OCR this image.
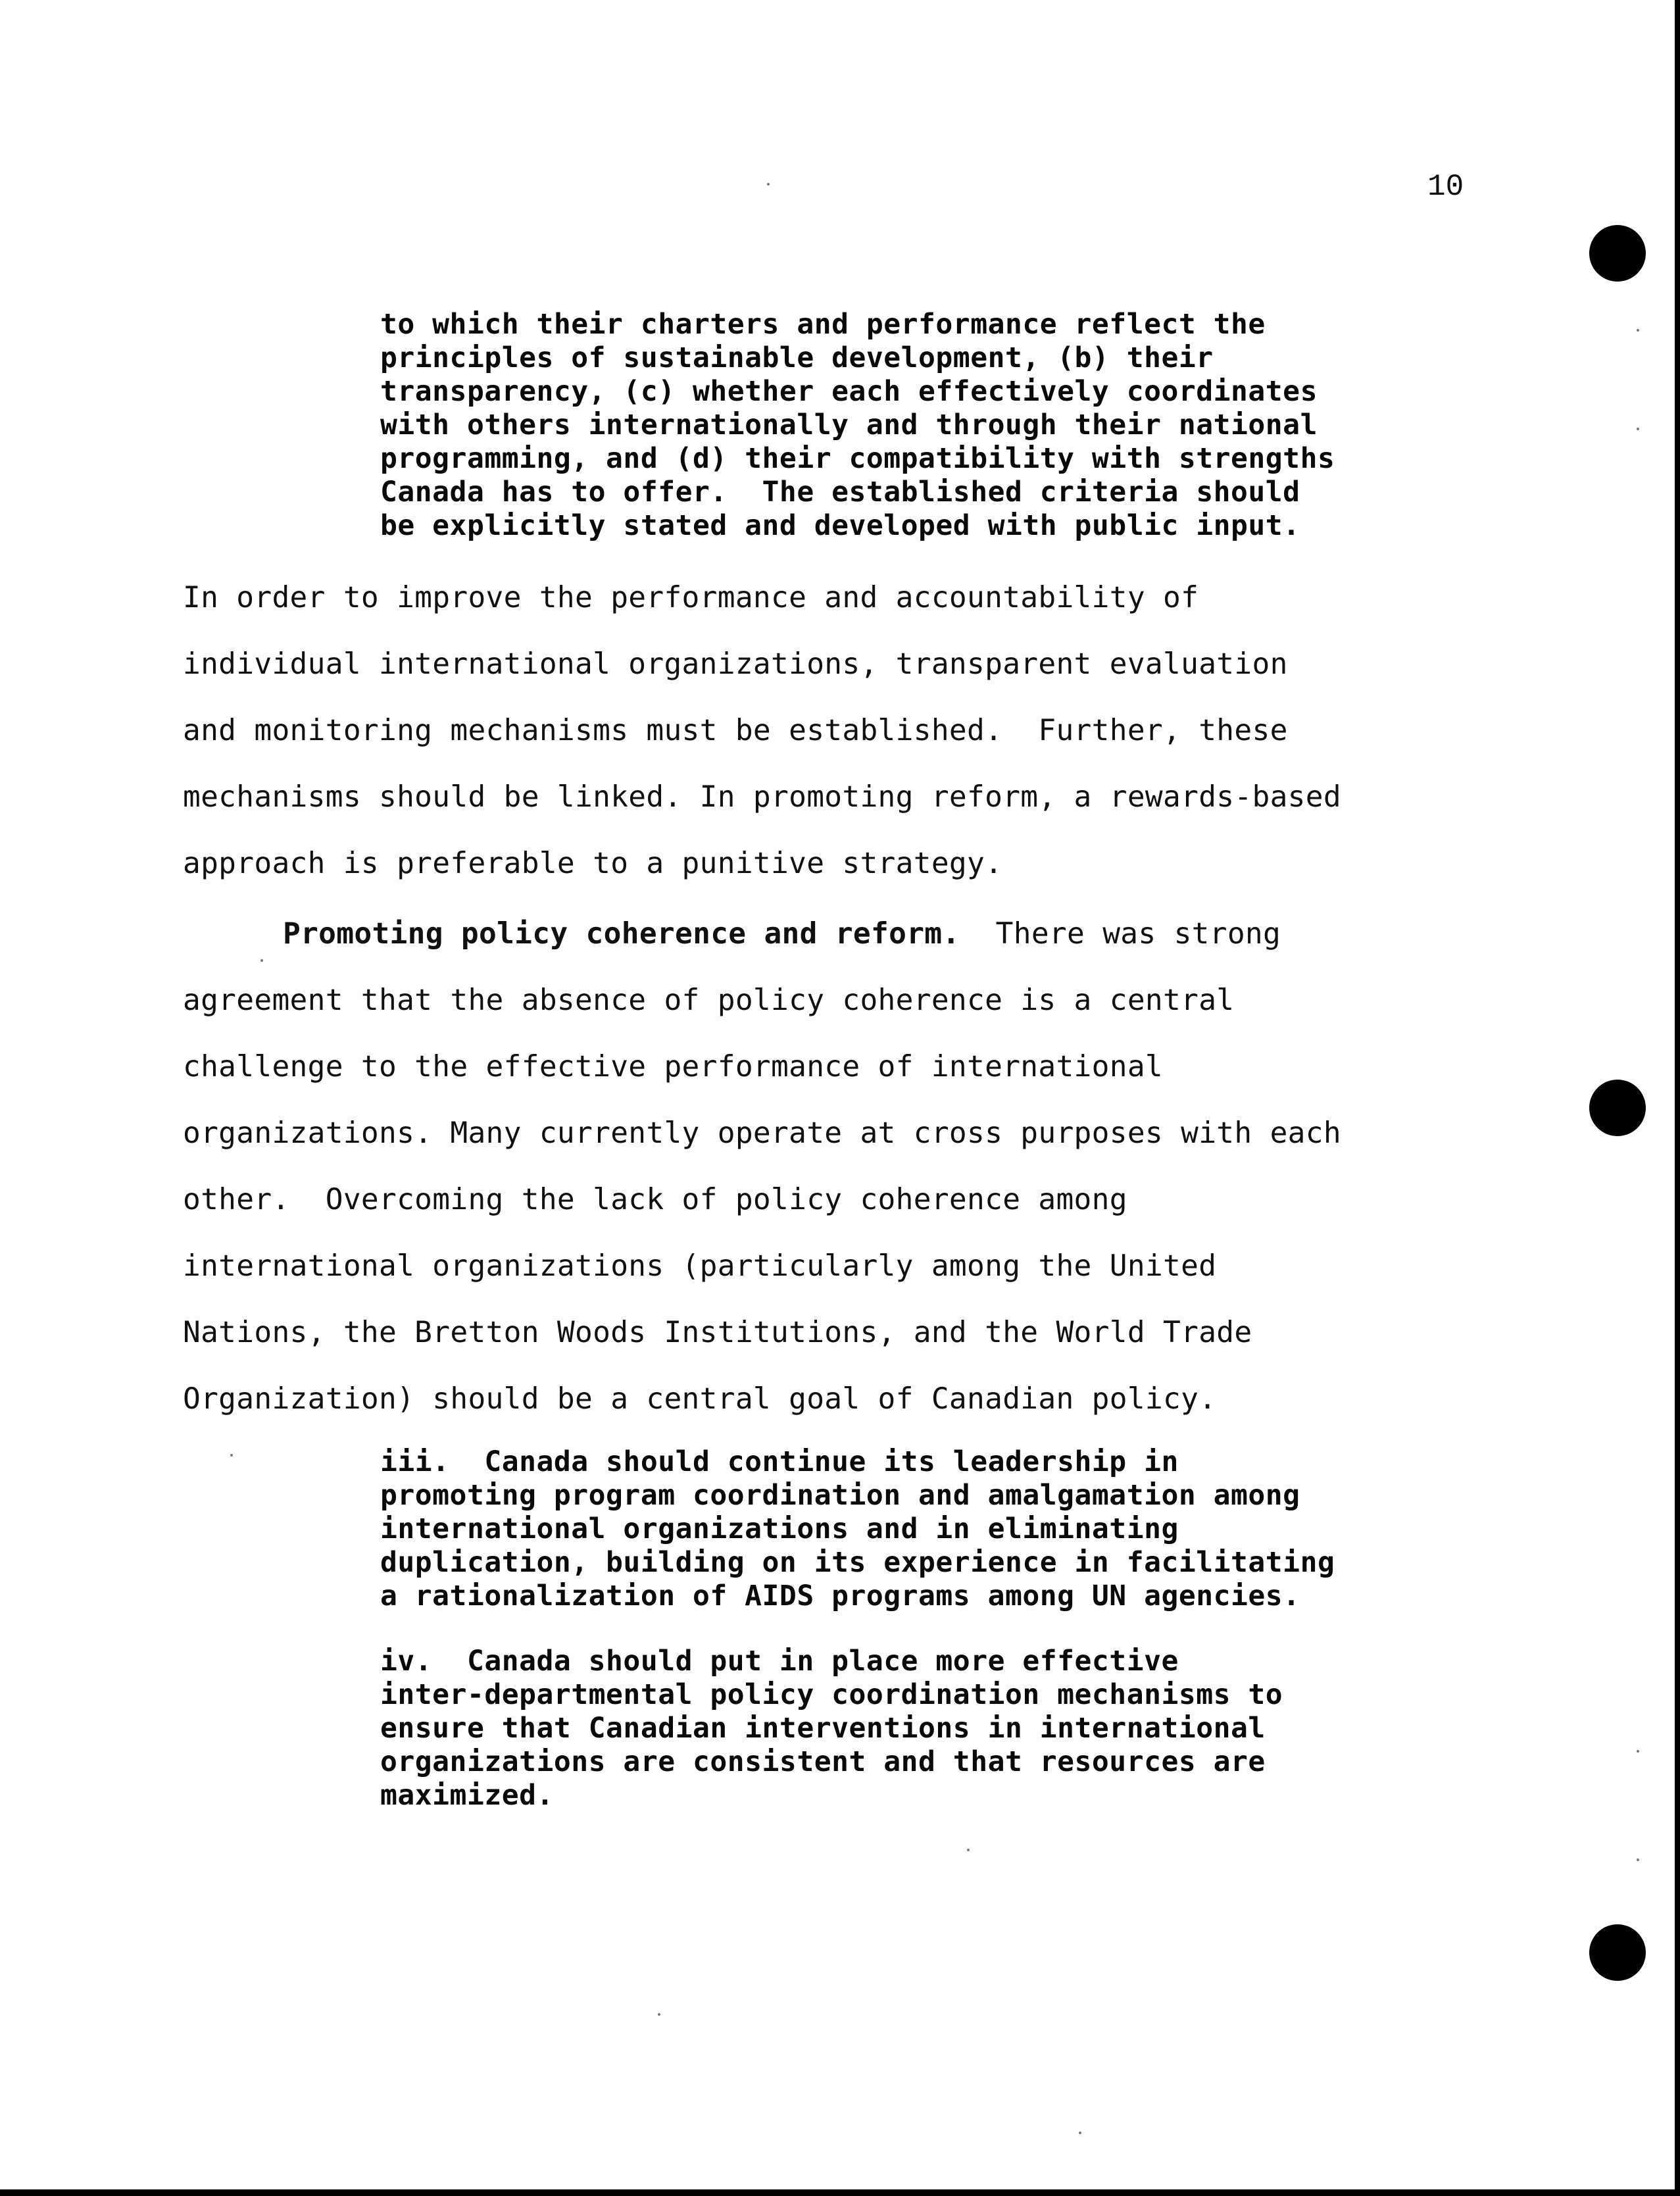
10
to which their charters and performance reflect the
principles of sustainable development, (b) their
transparency, (c) whether each effectively coordinates
with others internationally and through their national
programming, and (d) their compatibility with strengths
Canada has to offer.  The established criteria should
be explicitly stated and developed with public input.
In order to improve the performance and accountability of
individual international organizations, transparent evaluation
and monitoring mechanisms must be established.  Further, these
mechanisms should be linked. In promoting reform, a rewards-based
approach is preferable to a punitive strategy.
Promoting policy coherence and reform.  There was strong
agreement that the absence of policy coherence is a central
challenge to the effective performance of international
organizations. Many currently operate at cross purposes with each
other.  Overcoming the lack of policy coherence among
international organizations (particularly among the United
Nations, the Bretton Woods Institutions, and the World Trade
Organization) should be a central goal of Canadian policy.
iii.  Canada should continue its leadership in
promoting program coordination and amalgamation among
international organizations and in eliminating
duplication, building on its experience in facilitating
a rationalization of AIDS programs among UN agencies.
iv.  Canada should put in place more effective
inter-departmental policy coordination mechanisms to
ensure that Canadian interventions in international
organizations are consistent and that resources are
maximized.
